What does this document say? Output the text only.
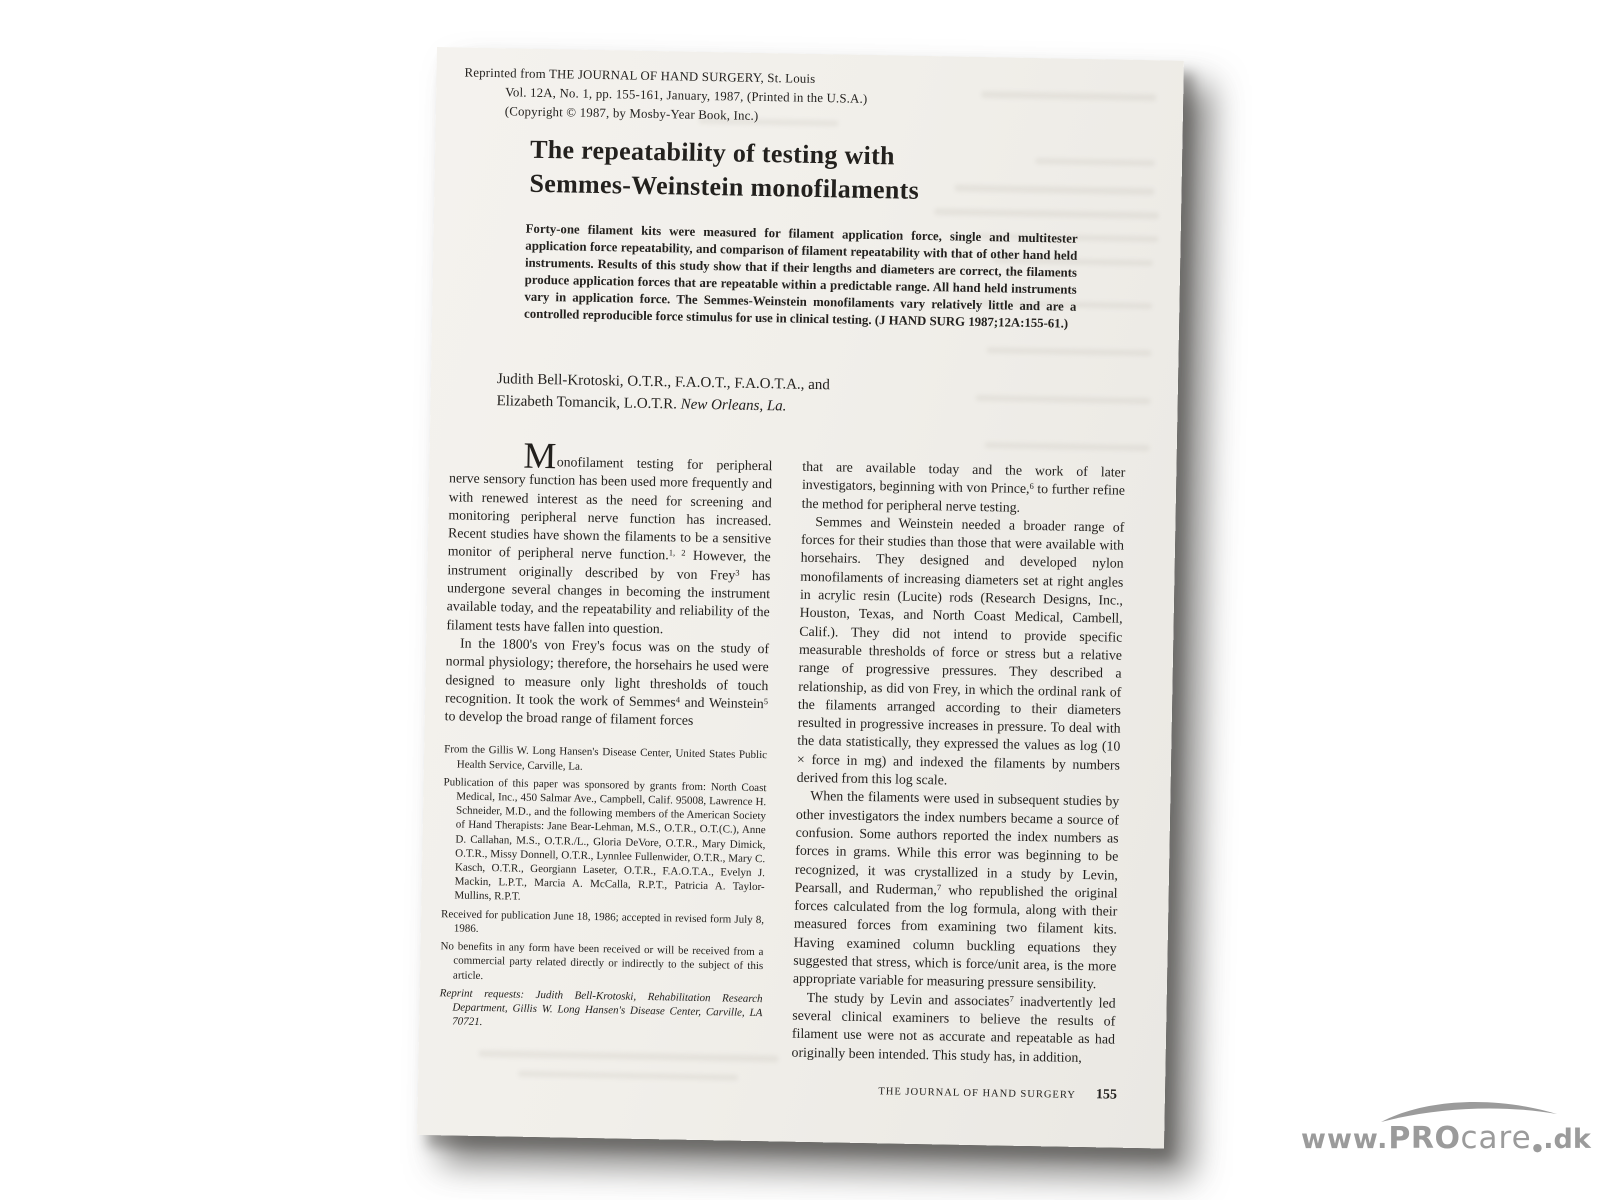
Reprinted from THE JOURNAL OF HAND SURGERY, St. Louis
Vol. 12A, No. 1, pp. 155-161, January, 1987, (Printed in the U.S.A.)
(Copyright © 1987, by Mosby-Year Book, Inc.)
The repeatability of testing with
Semmes-Weinstein monofilaments
Forty-one filament kits were measured for filament application force, single and multitester application force repeatability, and comparison of filament repeatability with that of other hand held instruments. Results of this study show that if their lengths and diameters are correct, the filaments produce application forces that are repeatable within a predictable range. All hand held instruments vary in application force. The Semmes-Weinstein monofilaments vary relatively little and are a controlled reproducible force stimulus for use in clinical testing. (J HAND SURG 1987;12A:155-61.)
Judith Bell-Krotoski, O.T.R., F.A.O.T., F.A.O.T.A., and
Elizabeth Tomancik, L.O.T.R. New Orleans, La.

Monofilament testing for peripheral nerve sensory function has been used more frequently and with renewed interest as the need for screening and monitoring peripheral nerve function has increased. Recent studies have shown the filaments to be a sensitive monitor of peripheral nerve function.$^{1, 2}$ However, the instrument originally described by von Frey$^3$ has undergone several changes in becoming the instrument available today, and the repeatability and reliability of the filament tests have fallen into question.

In the 1800's von Frey's focus was on the study of normal physiology; therefore, the horsehairs he used were designed to measure only light thresholds of touch recognition. It took the work of Semmes$^4$ and Weinstein$^5$ to develop the broad range of filament forces

From the Gillis W. Long Hansen's Disease Center, United States Public Health Service, Carville, La.
Publication of this paper was sponsored by grants from: North Coast Medical, Inc., 450 Salmar Ave., Campbell, Calif. 95008, Lawrence H. Schneider, M.D., and the following members of the American Society of Hand Therapists: Jane Bear-Lehman, M.S., O.T.R., O.T.(C.), Anne D. Callahan, M.S., O.T.R./L., Gloria DeVore, O.T.R., Mary Dimick, O.T.R., Missy Donnell, O.T.R., Lynnlee Fullenwider, O.T.R., Mary C. Kasch, O.T.R., Georgiann Laseter, O.T.R., F.A.O.T.A., Evelyn J. Mackin, L.P.T., Marcia A. McCalla, R.P.T., Patricia A. Taylor-Mullins, R.P.T.
Received for publication June 18, 1986; accepted in revised form July 8, 1986.
No benefits in any form have been received or will be received from a commercial party related directly or indirectly to the subject of this article.
Reprint requests: Judith Bell-Krotoski, Rehabilitation Research Department, Gillis W. Long Hansen's Disease Center, Carville, LA 70721.

that are available today and the work of later investigators, beginning with von Prince,$^6$ to further refine the method for peripheral nerve testing.

Semmes and Weinstein needed a broader range of forces for their studies than those that were available with horsehairs. They designed and developed nylon monofilaments of increasing diameters set at right angles in acrylic resin (Lucite) rods (Research Designs, Inc., Houston, Texas, and North Coast Medical, Cambell, Calif.). They did not intend to provide specific measurable thresholds of force or stress but a relative range of progressive pressures. They described a relationship, as did von Frey, in which the ordinal rank of the filaments arranged according to their diameters resulted in progressive increases in pressure. To deal with the data statistically, they expressed the values as log (10 × force in mg) and indexed the filaments by numbers derived from this log scale.

When the filaments were used in subsequent studies by other investigators the index numbers became a source of confusion. Some authors reported the index numbers as forces in grams. While this error was beginning to be recognized, it was crystallized in a study by Levin, Pearsall, and Ruderman,$^7$ who republished the original forces calculated from the log formula, along with their measured forces from examining two filament kits. Having examined column buckling equations they suggested that stress, which is force/unit area, is the more appropriate variable for measuring pressure sensibility.

The study by Levin and associates$^7$ inadvertently led several clinical examiners to believe the results of filament use were not as accurate and repeatable as had originally been intended. This study has, in addition,

THE JOURNAL OF HAND SURGERY 155
www. PRO care ● .dk
